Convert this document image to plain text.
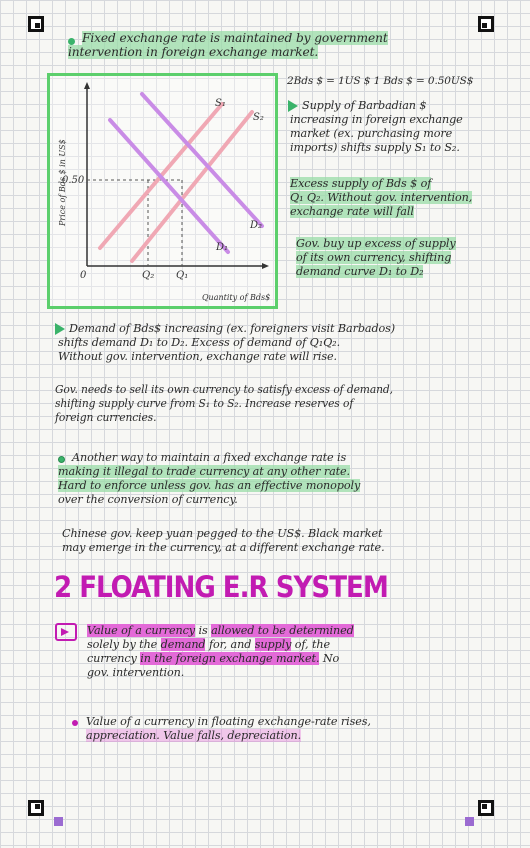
Fixed exchange rate is maintained by government
intervention in foreign exchange market.
S₁
S₂
D₂
D₁
0.50
0	Q₂ Q₁
Quantity of Bds$
Price of Bds $ in US$
2Bds $ = 1US $ 1 Bds $ = 0.50US$
Supply of Barbadian $
increasing in foreign exchange
market (ex. purchasing more
imports) shifts supply S₁ to S₂.
Excess supply of Bds $ of
Q₁ Q₂. Without gov. intervention,
exchange rate will fall
Gov. buy up excess of supply
of its own currency, shifting
demand curve D₁ to D₂
Demand of Bds$ increasing (ex. foreigners visit Barbados)
shifts demand D₁ to D₂. Excess of demand of Q₁Q₂.
Without gov. intervention, exchange rate will rise.
Gov. needs to sell its own currency to satisfy excess of demand,
shifting supply curve from S₁ to S₂. Increase reserves of
foreign currencies.
Another way to maintain a fixed exchange rate is
making it illegal to trade currency at any other rate.
Hard to enforce unless gov. has an effective monopoly
over the conversion of currency.
Chinese gov. keep yuan pegged to the US$. Black market
may emerge in the currency, at a different exchange rate.
2 FLOATING E.R SYSTEM
Value of a currency is allowed to be determined
solely by the demand for, and supply of, the
currency in the foreign exchange market. No
gov. intervention.
Value of a currency in floating exchange-rate rises,
appreciation. Value falls, depreciation.
